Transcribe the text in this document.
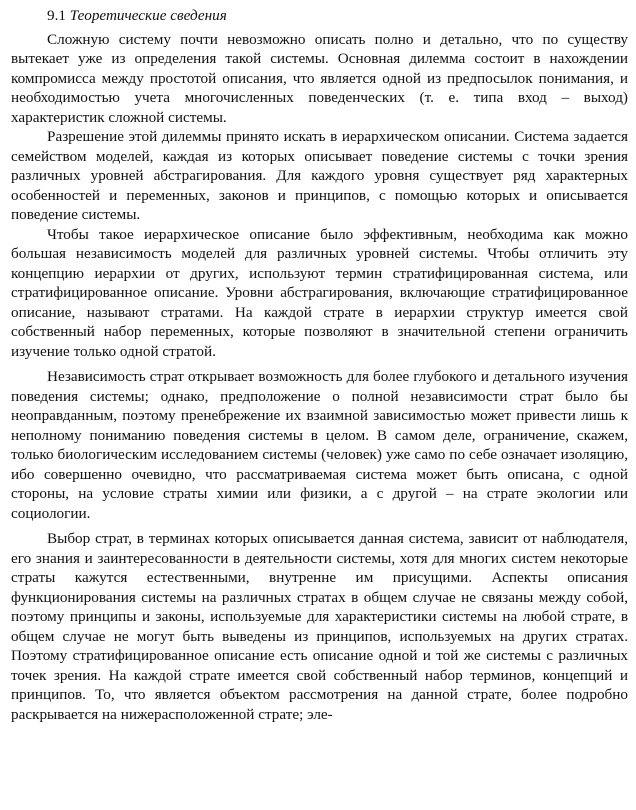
9.1 Теоретические сведения

Сложную систему почти невозможно описать полно и детально, что по существу вытекает уже из определения такой системы. Основная дилемма состоит в нахождении компромисса между простотой описания, что является одной из предпосылок понимания, и необходимостью учета многочисленных поведенческих (т. е. типа вход – выход) характеристик сложной системы.

Разрешение этой дилеммы принято искать в иерархическом описании. Система задается семейством моделей, каждая из которых описывает поведение системы с точки зрения различных уровней абстрагирования. Для каждого уровня существует ряд характерных особенностей и переменных, законов и принципов, с помощью которых и описывается поведение системы.

Чтобы такое иерархическое описание было эффективным, необходима как можно большая независимость моделей для различных уровней системы. Чтобы отличить эту концепцию иерархии от других, используют термин стратифицированная система, или стратифицированное описание. Уровни абстрагирования, включающие стратифицированное описание, называют стратами. На каждой страте в иерархии структур имеется свой собственный набор переменных, которые позволяют в значительной степени ограничить изучение только одной стратой.

Независимость страт открывает возможность для более глубокого и детального изучения поведения системы; однако, предположение о полной независимости страт было бы неоправданным, поэтому пренебрежение их взаимной зависимостью может привести лишь к неполному пониманию поведения системы в целом. В самом деле, ограничение, скажем, только биологическим исследованием системы (человек) уже само по себе означает изоляцию, ибо совершенно очевидно, что рассматриваемая система может быть описана, с одной стороны, на условие страты химии или физики, а с другой – на страте экологии или социологии.

Выбор страт, в терминах которых описывается данная система, зависит от наблюдателя, его знания и заинтересованности в деятельности системы, хотя для многих систем некоторые страты кажутся естественными, внутренне им присущими. Аспекты описания функционирования системы на различных стратах в общем случае не связаны между собой, поэтому принципы и законы, используемые для характеристики системы на любой страте, в общем случае не могут быть выведены из принципов, используемых на других стратах. Поэтому стратифицированное описание есть описание одной и той же системы с различных точек зрения. На каждой страте имеется свой собственный набор терминов, концепций и принципов. То, что является объектом рассмотрения на данной страте, более подробно раскрывается на нижерасположенной страте; эле-
